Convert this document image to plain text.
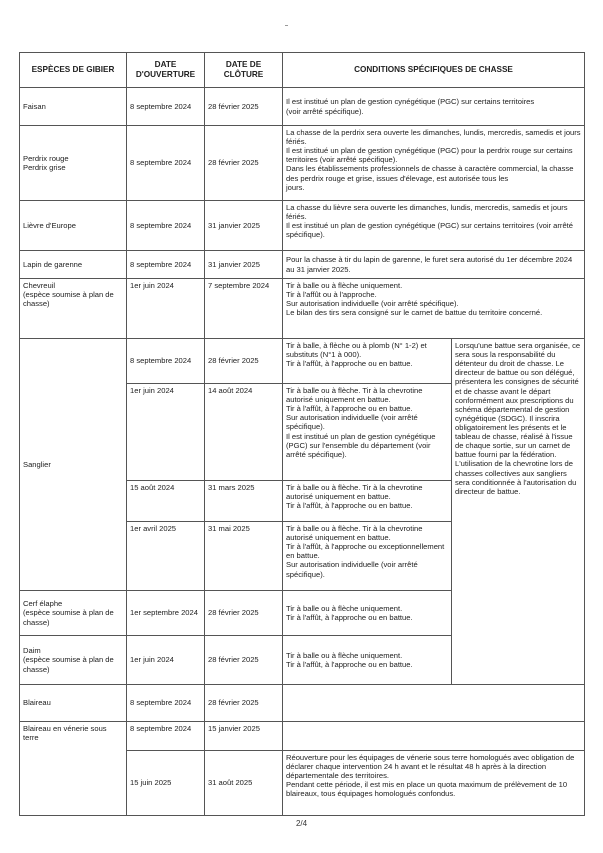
ESPÈCES DE GIBIER	DATE D'OUVERTURE	DATE DE CLÔTURE	CONDITIONS SPÉCIFIQUES DE CHASSE	

Faisan	8 septembre 2024	28 février 2025	Il est institué un plan de gestion cynégétique (PGC) sur certains territoires
(voir arrêté spécifique).	

Perdrix rouge
Perdrix grise	8 septembre 2024	28 février 2025	La chasse de la perdrix sera ouverte les dimanches, lundis, mercredis, samedis et jours fériés.
Il est institué un plan de gestion cynégétique (PGC) pour la perdrix rouge sur certains territoires (voir arrêté spécifique).
Dans les établissements professionnels de chasse à caractère commercial, la chasse des perdrix rouge et grise, issues d'élevage, est autorisée tous les
jours.	

Lièvre d'Europe	8 septembre 2024	31 janvier 2025	La chasse du lièvre sera ouverte les dimanches, lundis, mercredis, samedis et jours fériés.
Il est institué un plan de gestion cynégétique (PGC) sur certains territoires (voir arrêté spécifique).	

Lapin de garenne	8 septembre 2024	31 janvier 2025	Pour la chasse à tir du lapin de garenne, le furet sera autorisé du 1er décembre 2024 au 31 janvier 2025.	

Chevreuil
(espèce soumise à plan de chasse)	1er juin 2024	7 septembre 2024	Tir à balle ou à flèche uniquement.
Tir à l'affût ou à l'approche.
Sur autorisation individuelle (voir arrêté spécifique).
Le bilan des tirs sera consigné sur le carnet de battue du territoire concerné.	

Sanglier	8 septembre 2024	28 février 2025	Tir à balle, à flèche ou à plomb (N° 1-2) et substituts (N°1 à 000).
Tir à l'affût, à l'approche ou en battue.	Lorsqu'une battue sera organisée, ce sera sous la responsabilité du détenteur du droit de chasse. Le directeur de battue ou son délégué, présentera les consignes de sécurité et de chasse avant le départ conformément aux prescriptions du schéma départemental de gestion cynégétique (SDGC). Il inscrira obligatoirement les présents et le tableau de chasse, réalisé à l'issue de chaque sortie, sur un carnet de battue fourni par la fédération.
L'utilisation de la chevrotine lors de chasses collectives aux sangliers sera conditionnée à l'autorisation du directeur de battue.

	1er juin 2024	14 août 2024	Tir à balle ou à flèche. Tir à la chevrotine autorisé uniquement en battue.
Tir à l'affût, à l'approche ou en battue.
Sur autorisation individuelle (voir arrêté spécifique).
Il est institué un plan de gestion cynégétique (PGC) sur l'ensemble du département (voir arrêté spécifique).	

	15 août 2024	31 mars 2025	Tir à balle ou à flèche. Tir à la chevrotine autorisé uniquement en battue.
Tir à l'affût, à l'approche ou en battue.	

	1er avril 2025	31 mai 2025	Tir à balle ou à flèche. Tir à la chevrotine autorisé uniquement en battue.
Tir à l'affût, à l'approche ou exceptionnellement en battue.
Sur autorisation individuelle (voir arrêté spécifique).	

Cerf élaphe
(espèce soumise à plan de chasse)	1er septembre 2024	28 février 2025	Tir à balle ou à flèche uniquement.
Tir à l'affût, à l'approche ou en battue.	

Daim
(espèce soumise à plan de chasse)	1er juin 2024	28 février 2025	Tir à balle ou à flèche uniquement.
Tir à l'affût, à l'approche ou en battue.	

Blaireau	8 septembre 2024	28 février 2025		
Blaireau en vénerie sous terre	8 septembre 2024	15 janvier 2025		
	15 juin 2025	31 août 2025	Réouverture pour les équipages de vénerie sous terre homologués avec obligation de déclarer chaque intervention 24 h avant et le résultat 48 h après à la direction départementale des territoires.
Pendant cette période, il est mis en place un quota maximum de prélèvement de 10 blaireaux, tous équipages homologués confondus.	
2/4
